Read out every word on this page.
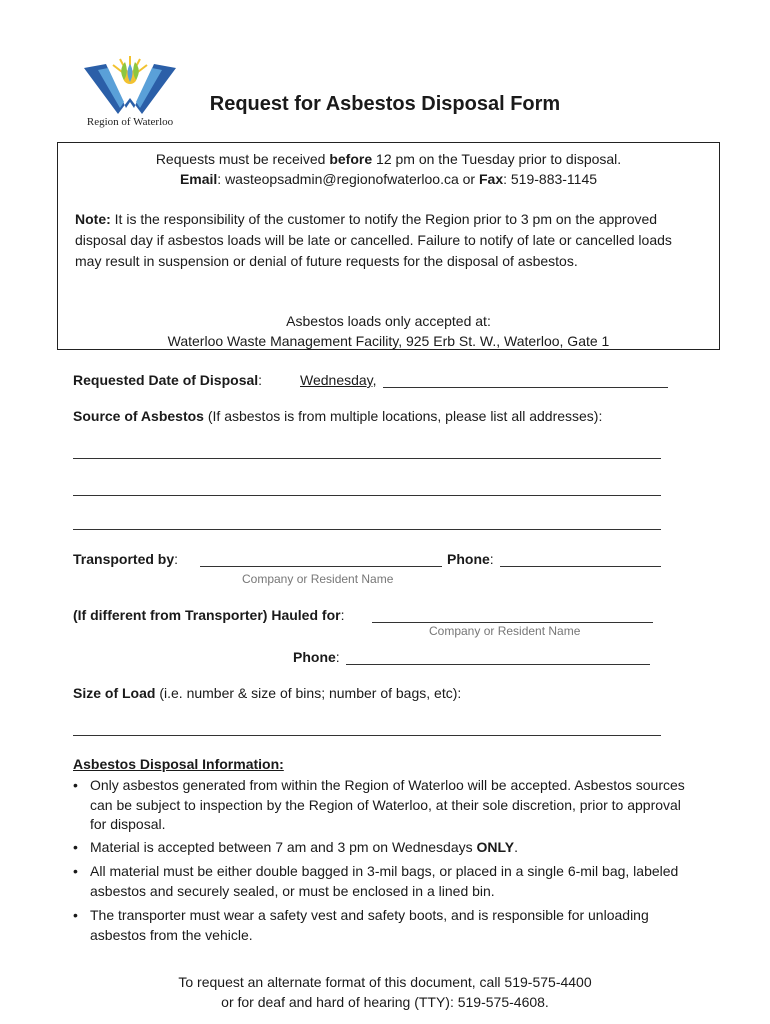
Region of Waterloo
Request for Asbestos Disposal Form
Requests must be received before 12 pm on the Tuesday prior to disposal.
Email: wasteopsadmin@regionofwaterloo.ca or Fax: 519-883-1145
Note: It is the responsibility of the customer to notify the Region prior to 3 pm on the approved disposal day if asbestos loads will be late or cancelled. Failure to notify of late or cancelled loads may result in suspension or denial of future requests for the disposal of asbestos.
Asbestos loads only accepted at:
Waterloo Waste Management Facility, 925 Erb St. W., Waterloo, Gate 1
Requested Date of Disposal:	Wednesday,
Source of Asbestos (If asbestos is from multiple locations, please list all addresses):
Transported by:	Phone:
Company or Resident Name
(If different from Transporter) Hauled for:
Company or Resident Name
Phone:
Size of Load (i.e. number & size of bins; number of bags, etc):
Asbestos Disposal Information:
• Only asbestos generated from within the Region of Waterloo will be accepted. Asbestos sources can be subject to inspection by the Region of Waterloo, at their sole discretion, prior to approval for disposal.
• Material is accepted between 7 am and 3 pm on Wednesdays ONLY.
• All material must be either double bagged in 3-mil bags, or placed in a single 6-mil bag, labeled asbestos and securely sealed, or must be enclosed in a lined bin.
• The transporter must wear a safety vest and safety boots, and is responsible for unloading asbestos from the vehicle.
To request an alternate format of this document, call 519-575-4400
or for deaf and hard of hearing (TTY): 519-575-4608.
